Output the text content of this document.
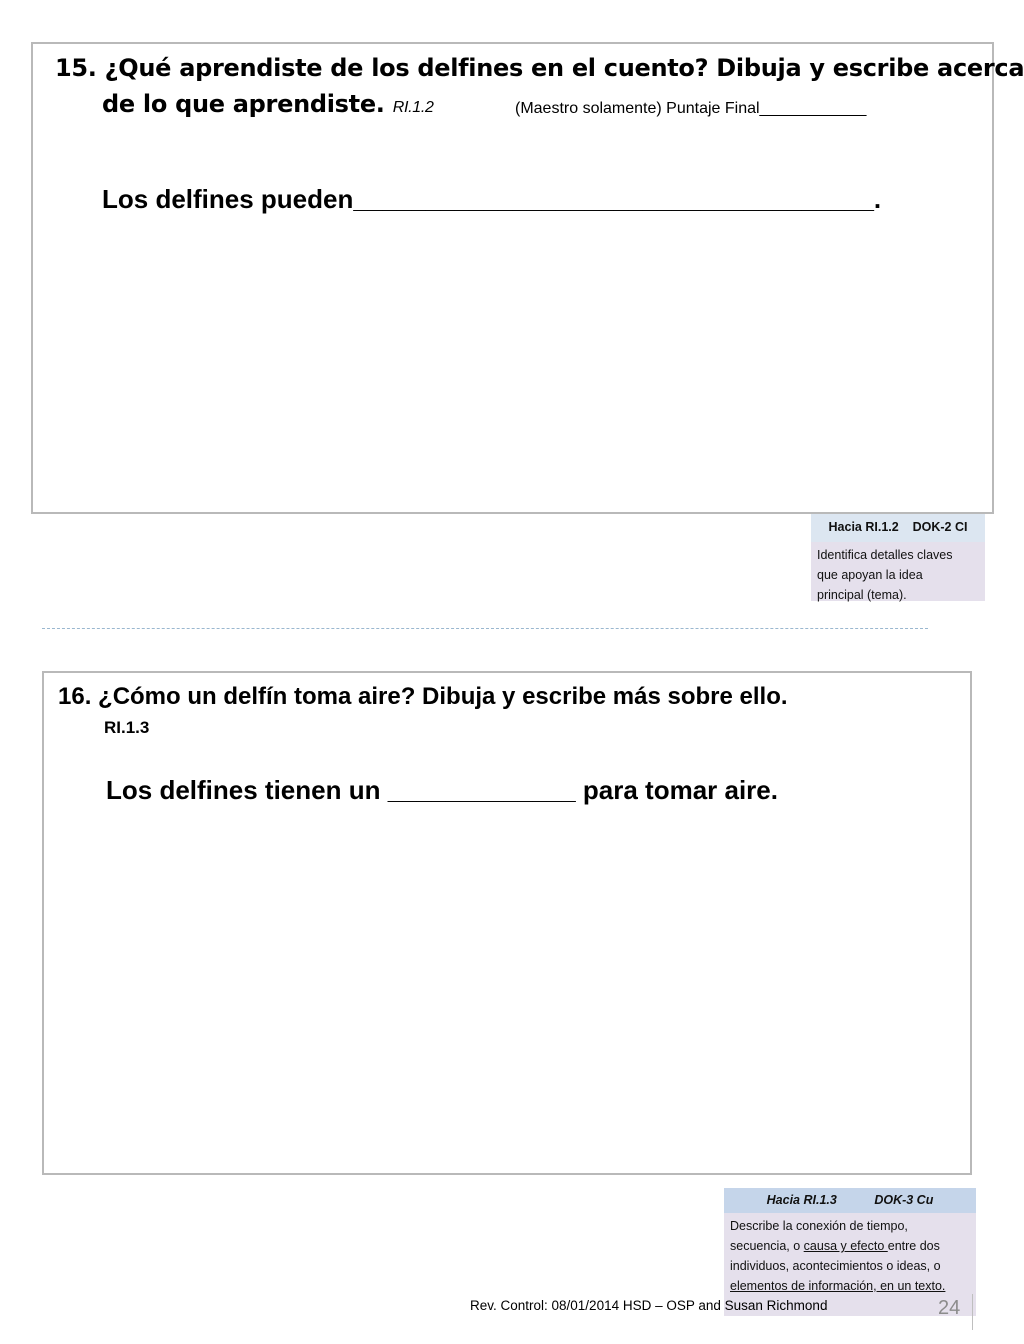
15. ¿Qué aprendiste de los delfines en el cuento? Dibuja y escribe acerca
de lo que aprendiste. RI.1.2	(Maestro solamente) Puntaje Final____________
Los delfines pueden____________________________________.
Hacia RI.1.2 DOK-2 CI
Identifica detalles claves
que apoyan la idea
principal (tema).
16. ¿Cómo un delfín toma aire? Dibuja y escribe más sobre ello.
RI.1.3
Los delfines tienen un _____________ para tomar aire.
Hacia RI.1.3	DOK-3 Cu
Describe la conexión de tiempo,
secuencia, o causa y efecto entre dos
individuos, acontecimientos o ideas, o
elementos de información, en un texto.
Rev. Control: 08/01/2014 HSD – OSP and Susan Richmond	24
